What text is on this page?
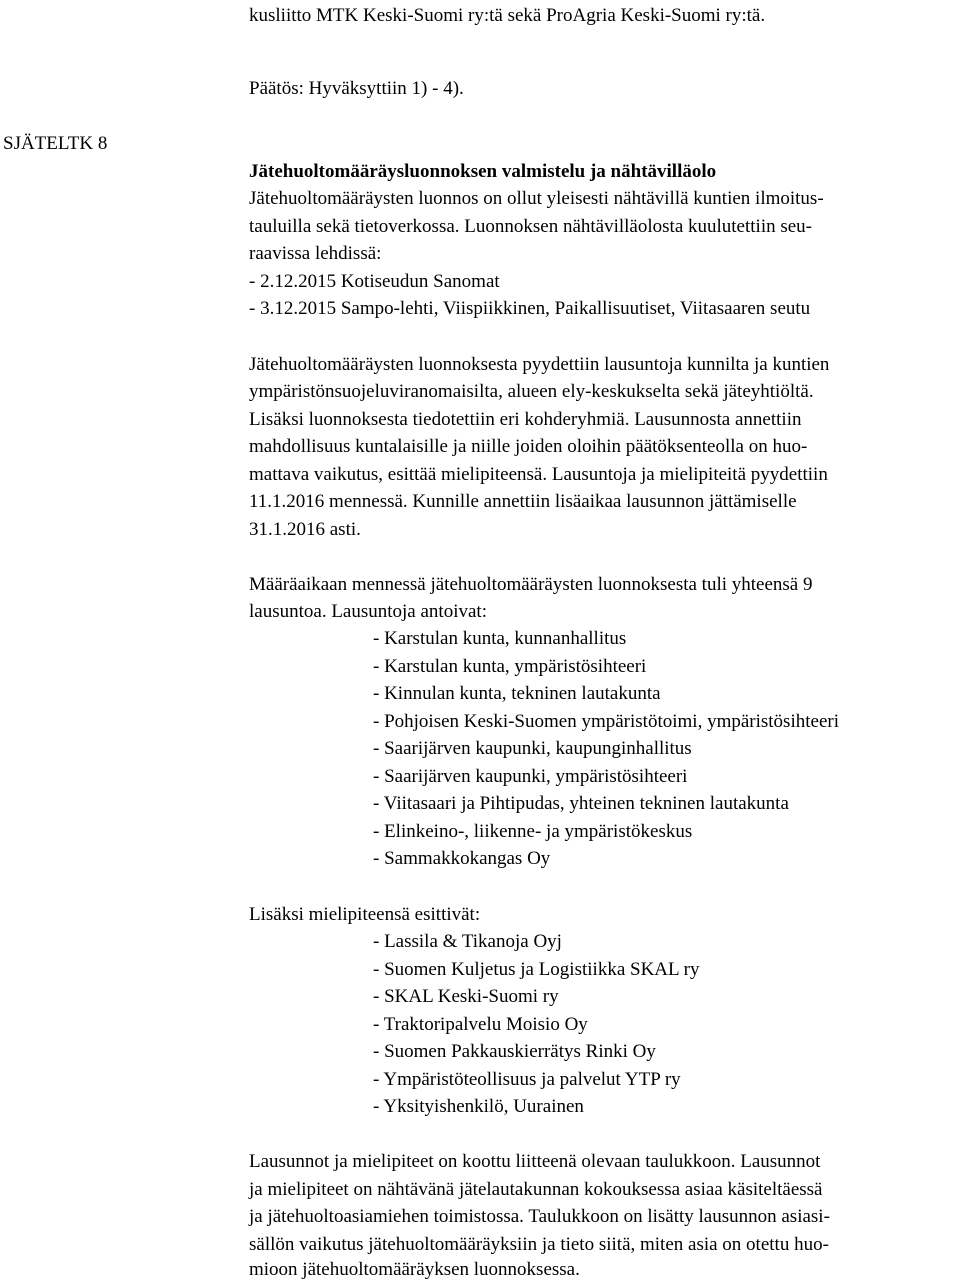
kusliitto MTK Keski-Suomi ry:tä sekä ProAgria Keski-Suomi ry:tä.
Päätös: Hyväksyttiin 1) - 4).
SJÄTELTK 8
Jätehuoltomääräysluonnoksen valmistelu ja nähtävilläolo
Jätehuoltomääräysten luonnos on ollut yleisesti nähtävillä kuntien ilmoitus-
tauluilla sekä tietoverkossa. Luonnoksen nähtävilläolosta kuulutettiin seu-
raavissa lehdissä:
- 2.12.2015 Kotiseudun Sanomat
- 3.12.2015 Sampo-lehti, Viispiikkinen, Paikallisuutiset, Viitasaaren seutu
Jätehuoltomääräysten luonnoksesta pyydettiin lausuntoja kunnilta ja kuntien
ympäristönsuojeluviranomaisilta, alueen ely-keskukselta sekä jäteyhtiöltä.
Lisäksi luonnoksesta tiedotettiin eri kohderyhmiä. Lausunnosta annettiin
mahdollisuus kuntalaisille ja niille joiden oloihin päätöksenteolla on huo-
mattava vaikutus, esittää mielipiteensä. Lausuntoja ja mielipiteitä pyydettiin
11.1.2016 mennessä. Kunnille annettiin lisäaikaa lausunnon jättämiselle
31.1.2016 asti.
Määräaikaan mennessä jätehuoltomääräysten luonnoksesta tuli yhteensä 9
lausuntoa. Lausuntoja antoivat:
- Karstulan kunta, kunnanhallitus
- Karstulan kunta, ympäristösihteeri
- Kinnulan kunta, tekninen lautakunta
- Pohjoisen Keski-Suomen ympäristötoimi, ympäristösihteeri
- Saarijärven kaupunki, kaupunginhallitus
- Saarijärven kaupunki, ympäristösihteeri
- Viitasaari ja Pihtipudas, yhteinen tekninen lautakunta
- Elinkeino-, liikenne- ja ympäristökeskus
- Sammakkokangas Oy
Lisäksi mielipiteensä esittivät:
- Lassila & Tikanoja Oyj
- Suomen Kuljetus ja Logistiikka SKAL ry
- SKAL Keski-Suomi ry
- Traktoripalvelu Moisio Oy
- Suomen Pakkauskierrätys Rinki Oy
- Ympäristöteollisuus ja palvelut YTP ry
- Yksityishenkilö, Uurainen
Lausunnot ja mielipiteet on koottu liitteenä olevaan taulukkoon. Lausunnot
ja mielipiteet on nähtävänä jätelautakunnan kokouksessa asiaa käsiteltäessä
ja jätehuoltoasiamiehen toimistossa. Taulukkoon on lisätty lausunnon asiasi-
sällön vaikutus jätehuoltomääräyksiin ja tieto siitä, miten asia on otettu huo-
mioon jätehuoltomääräyksen luonnoksessa.
